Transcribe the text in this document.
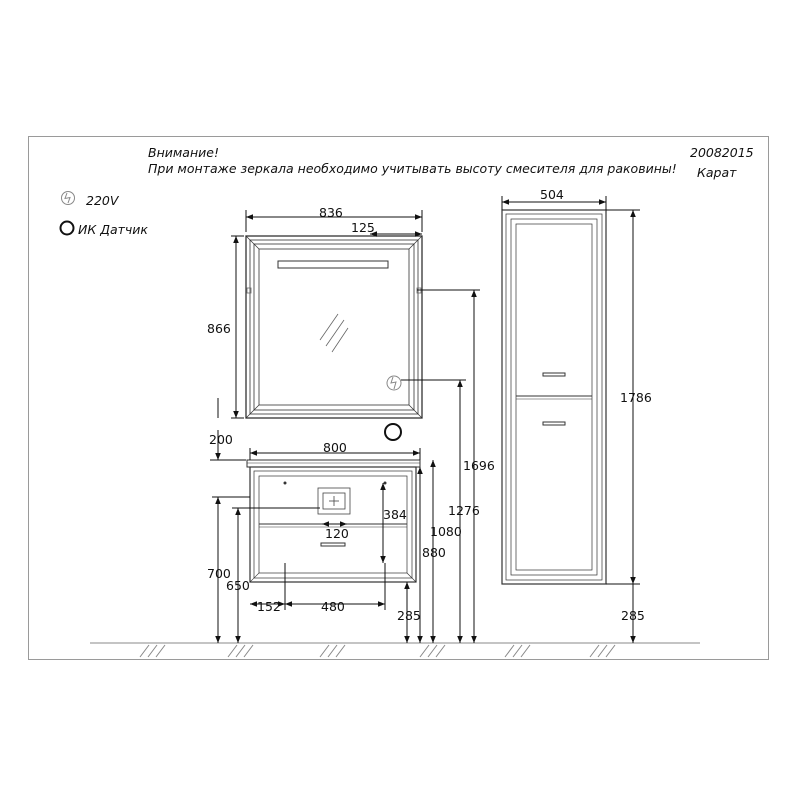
Внимание!
При монтаже зеркала необходимо учитывать высоту смесителя для раковины!
20082015
Карат
220V
ИК Датчик
836
125
866
200
800
700
650
384
120
152	480
285
880
1080
1276
1696
504
1786
285
